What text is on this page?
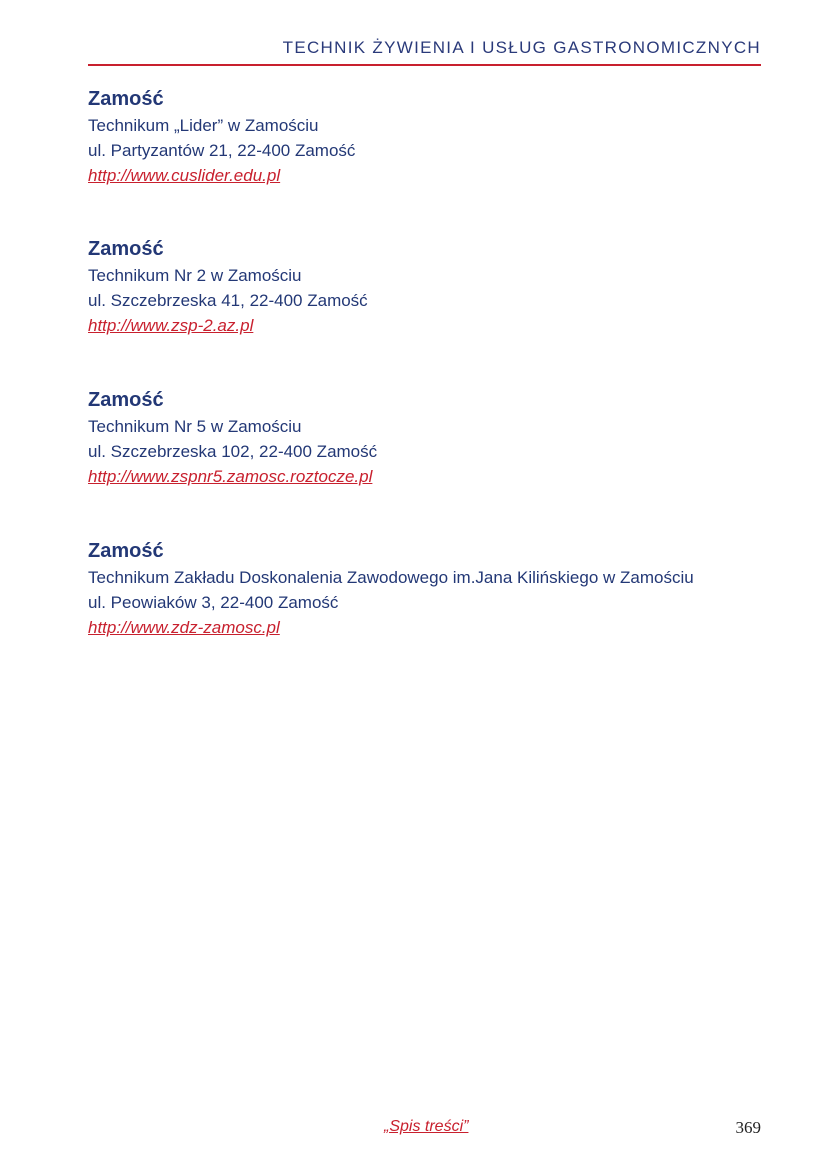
TECHNIK ŻYWIENIA I USŁUG GASTRONOMICZNYCH
Zamość
Technikum „Lider” w Zamościu
ul. Partyzantów 21, 22-400 Zamość
http://www.cuslider.edu.pl
Zamość
Technikum Nr 2 w Zamościu
ul. Szczebrzeska 41, 22-400 Zamość
http://www.zsp-2.az.pl
Zamość
Technikum Nr 5 w Zamościu
ul. Szczebrzeska 102, 22-400 Zamość
http://www.zspnr5.zamosc.roztocze.pl
Zamość
Technikum Zakładu Doskonalenia Zawodowego im.Jana Kilińskiego w Zamościu
ul. Peowiaków 3, 22-400 Zamość
http://www.zdz-zamosc.pl
„Spis treści”	369
